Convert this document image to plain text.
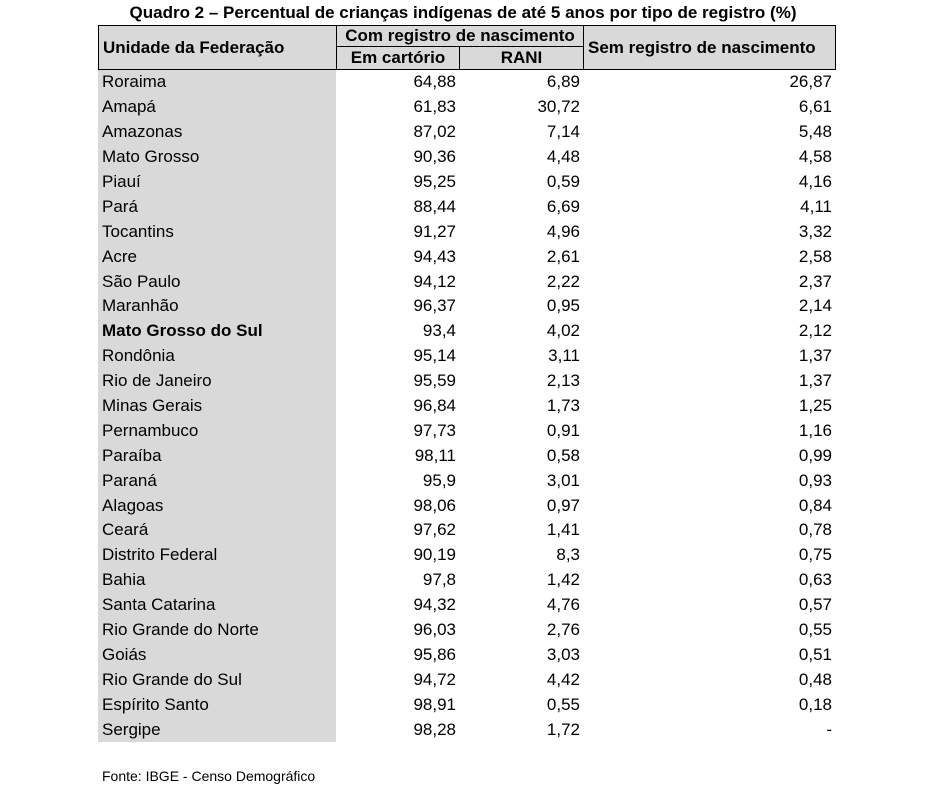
Quadro 2 – Percentual de crianças indígenas de até 5 anos por tipo de registro (%)
Unidade da Federação
Com registro de nascimento
Em cartório	RANI
Sem registro de nascimento
Roraima	64,88	6,89	26,87
Amapá	61,83	30,72	6,61
Amazonas	87,02	7,14	5,48
Mato Grosso	90,36	4,48	4,58
Piauí	95,25	0,59	4,16
Pará	88,44	6,69	4,11
Tocantins	91,27	4,96	3,32
Acre	94,43	2,61	2,58
São Paulo	94,12	2,22	2,37
Maranhão	96,37	0,95	2,14
Mato Grosso do Sul	93,4	4,02	2,12
Rondônia	95,14	3,11	1,37
Rio de Janeiro	95,59	2,13	1,37
Minas Gerais	96,84	1,73	1,25
Pernambuco	97,73	0,91	1,16
Paraíba	98,11	0,58	0,99
Paraná	95,9	3,01	0,93
Alagoas	98,06	0,97	0,84
Ceará	97,62	1,41	0,78
Distrito Federal	90,19	8,3	0,75
Bahia	97,8	1,42	0,63
Santa Catarina	94,32	4,76	0,57
Rio Grande do Norte	96,03	2,76	0,55
Goiás	95,86	3,03	0,51
Rio Grande do Sul	94,72	4,42	0,48
Espírito Santo	98,91	0,55	0,18
Sergipe	98,28	1,72	-
Fonte: IBGE - Censo Demográfico
